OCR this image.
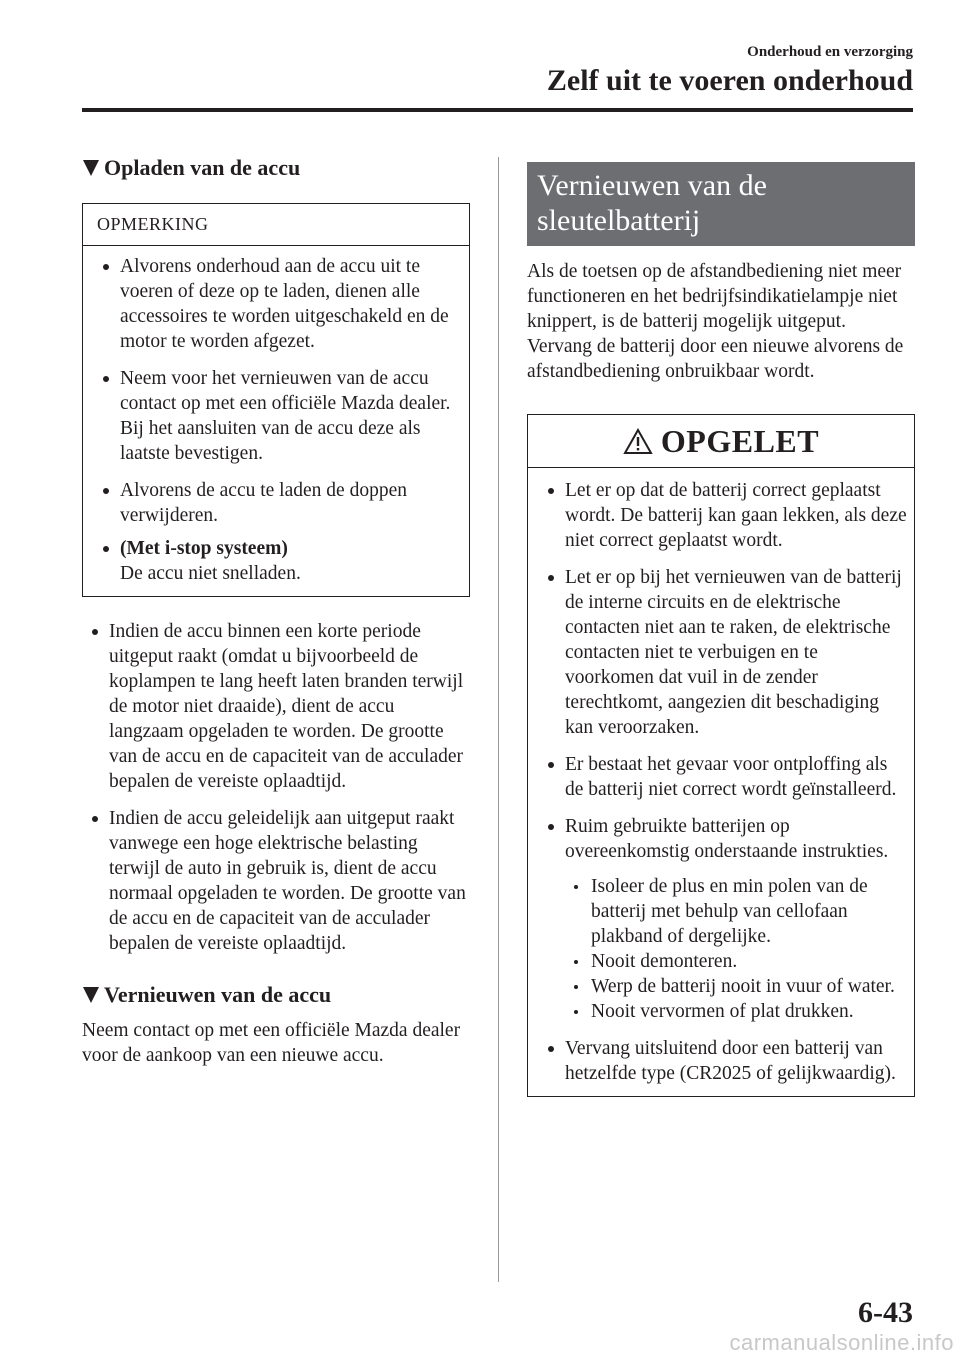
Onderhoud en verzorging
Zelf uit te voeren onderhoud
Opladen van de accu
OPMERKING
Alvorens onderhoud aan de accu uit te voeren of deze op te laden, dienen alle accessoires te worden uitgeschakeld en de motor te worden afgezet.
Neem voor het vernieuwen van de accu contact op met een officiële Mazda dealer. Bij het aansluiten van de accu deze als laatste bevestigen.
Alvorens de accu te laden de doppen verwijderen.
(Met i-stop systeem)
De accu niet snelladen.
Indien de accu binnen een korte periode uitgeput raakt (omdat u bijvoorbeeld de koplampen te lang heeft laten branden terwijl de motor niet draaide), dient de accu langzaam opgeladen te worden. De grootte van de accu en de capaciteit van de acculader bepalen de vereiste oplaadtijd.
Indien de accu geleidelijk aan uitgeput raakt vanwege een hoge elektrische belasting terwijl de auto in gebruik is, dient de accu normaal opgeladen te worden. De grootte van de accu en de capaciteit van de acculader bepalen de vereiste oplaadtijd.
Vernieuwen van de accu

Neem contact op met een officiële Mazda dealer voor de aankoop van een nieuwe accu.

Vernieuwen van de sleutelbatterij

Als de toetsen op de afstandbediening niet meer functioneren en het bedrijfsindikatielampje niet knippert, is de batterij mogelijk uitgeput. Vervang de batterij door een nieuwe alvorens de afstandbediening onbruikbaar wordt.

OPGELET
Let er op dat de batterij correct geplaatst wordt. De batterij kan gaan lekken, als deze niet correct geplaatst wordt.
Let er op bij het vernieuwen van de batterij de interne circuits en de elektrische contacten niet aan te raken, de elektrische contacten niet te verbuigen en te voorkomen dat vuil in de zender terechtkomt, aangezien dit beschadiging kan veroorzaken.
Er bestaat het gevaar voor ontploffing als de batterij niet correct wordt geïnstalleerd.
Ruim gebruikte batterijen op overeenkomstig onderstaande instrukties.
Isoleer de plus en min polen van de batterij met behulp van cellofaan plakband of dergelijke.
Nooit demonteren.
Werp de batterij nooit in vuur of water.
Nooit vervormen of plat drukken.
Vervang uitsluitend door een batterij van hetzelfde type (CR2025 of gelijkwaardig).
6-43
carmanualsonline.info
